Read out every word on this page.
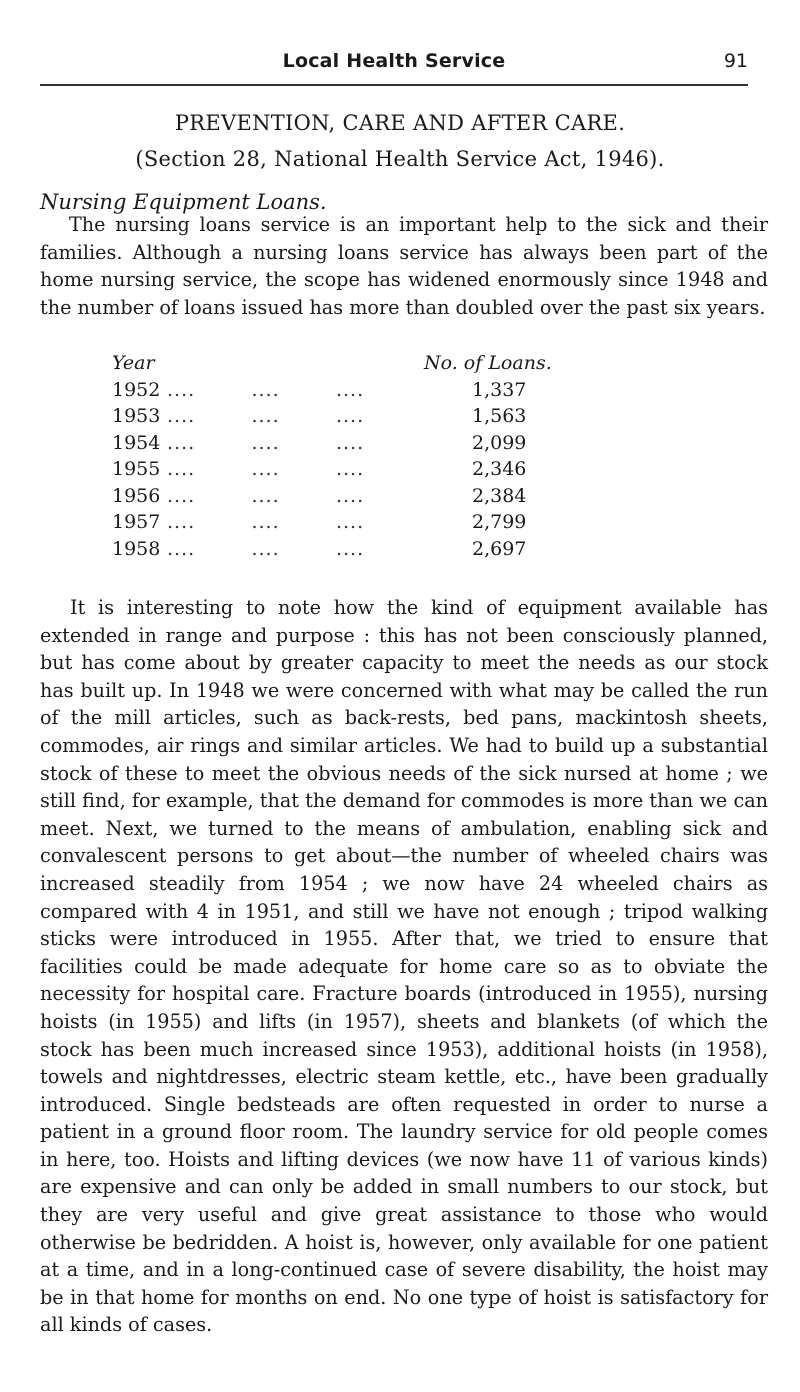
Local Health Service	91
PREVENTION, CARE AND AFTER CARE.
(Section 28, National Health Service Act, 1946).
Nursing Equipment Loans.

The nursing loans service is an important help to the sick and their families. Although a nursing loans service has always been part of the home nursing service, the scope has widened enormously since 1948 and the number of loans issued has more than doubled over the past six years.

Year	No. of Loans.
1952 ....        ....        ....	1,337
1953 ....        ....        ....	1,563
1954 ....        ....        ....	2,099
1955 ....        ....        ....	2,346
1956 ....        ....        ....	2,384
1957 ....        ....        ....	2,799
1958 ....        ....        ....	2,697

It is interesting to note how the kind of equipment available has extended in range and purpose : this has not been consciously planned, but has come about by greater capacity to meet the needs as our stock has built up. In 1948 we were concerned with what may be called the run of the mill articles, such as back-rests, bed pans, mackintosh sheets, commodes, air rings and similar articles. We had to build up a substantial stock of these to meet the obvious needs of the sick nursed at home ; we still find, for example, that the demand for commodes is more than we can meet. Next, we turned to the means of ambulation, enabling sick and convalescent persons to get about—the number of wheeled chairs was increased steadily from 1954 ; we now have 24 wheeled chairs as compared with 4 in 1951, and still we have not enough ; tripod walking sticks were introduced in 1955. After that, we tried to ensure that facilities could be made adequate for home care so as to obviate the necessity for hospital care. Fracture boards (introduced in 1955), nursing hoists (in 1955) and lifts (in 1957), sheets and blankets (of which the stock has been much increased since 1953), additional hoists (in 1958), towels and nightdresses, electric steam kettle, etc., have been gradually introduced. Single bedsteads are often requested in order to nurse a patient in a ground floor room. The laundry service for old people comes in here, too. Hoists and lifting devices (we now have 11 of various kinds) are expensive and can only be added in small numbers to our stock, but they are very useful and give great assistance to those who would otherwise be bedridden. A hoist is, however, only available for one patient at a time, and in a long-continued case of severe disability, the hoist may be in that home for months on end. No one type of hoist is satisfactory for all kinds of cases.
